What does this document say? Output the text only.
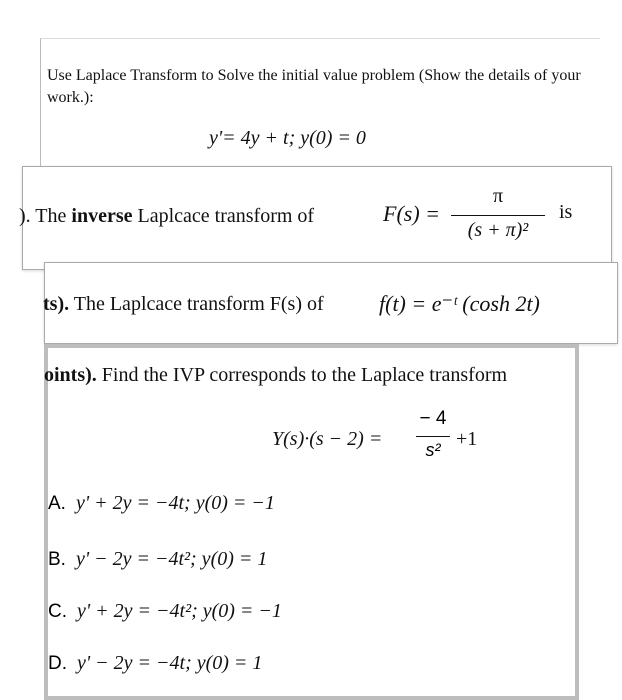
Use Laplace Transform to Solve the initial value problem (Show the details of your work.):
y'= 4y + t; y(0) = 0
). The inverse Laplcace transform of	F(s) =
π
(s + π)²
is
ts). The Laplcace transform F(s) of	f(t) = e⁻ᵗ (cosh 2t)
oints). Find the IVP corresponds to the Laplace transform
Y(s)·(s − 2) =
− 4
s² +1
A. y' + 2y = −4t; y(0) = −1
B. y' − 2y = −4t²; y(0) = 1
C. y' + 2y = −4t²; y(0) = −1
D. y' − 2y = −4t; y(0) = 1
